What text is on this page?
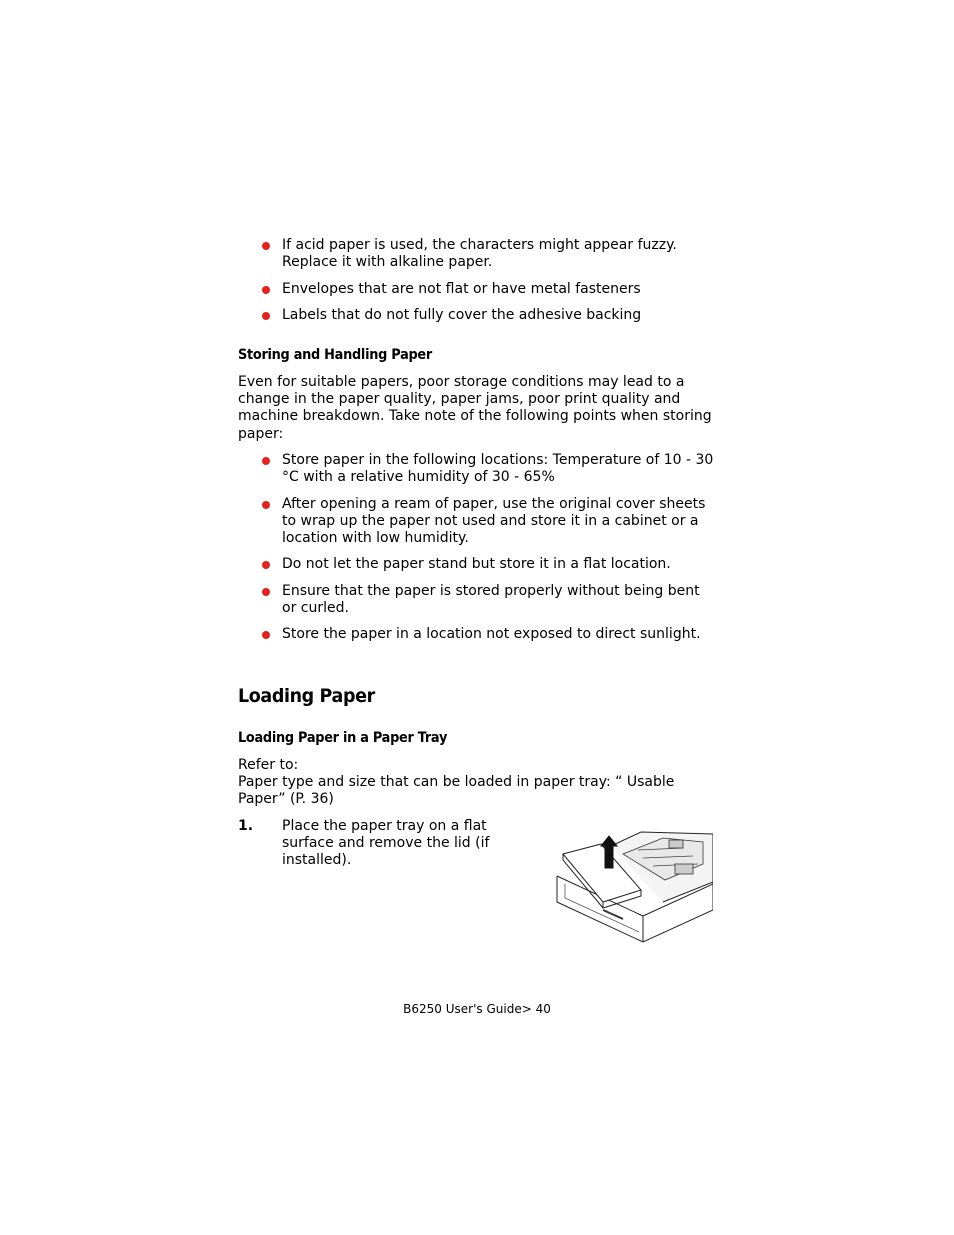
If acid paper is used, the characters might appear fuzzy. Replace it with alkaline paper.
Envelopes that are not flat or have metal fasteners
Labels that do not fully cover the adhesive backing
Storing and Handling Paper
Even for suitable papers, poor storage conditions may lead to a change in the paper quality, paper jams, poor print quality and machine breakdown. Take note of the following points when storing paper:
Store paper in the following locations: Temperature of 10 - 30 °C with a relative humidity of 30 - 65%
After opening a ream of paper, use the original cover sheets to wrap up the paper not used and store it in a cabinet or a location with low humidity.
Do not let the paper stand but store it in a flat location.
Ensure that the paper is stored properly without being bent or curled.
Store the paper in a location not exposed to direct sunlight.
Loading Paper
Loading Paper in a Paper Tray
Refer to:
Paper type and size that can be loaded in paper tray: “ Usable Paper” (P. 36)
1. Place the paper tray on a flat surface and remove the lid (if installed).
B6250 User's Guide> 40
